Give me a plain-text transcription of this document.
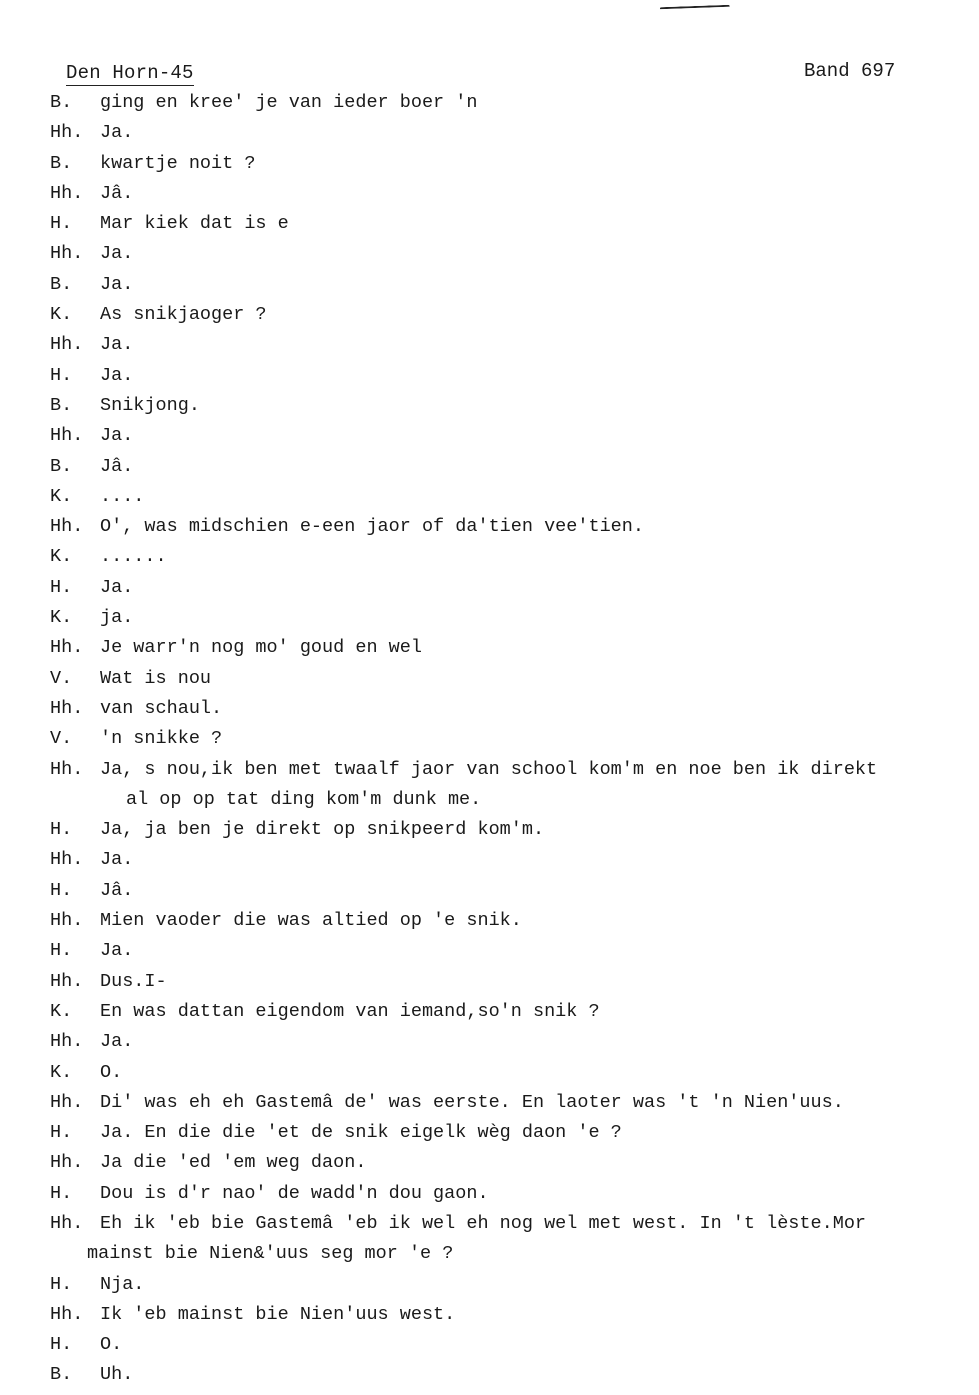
Den Horn-45	Band 697
B.	ging en kree' je van ieder boer 'n
Hh. Ja.
B.	kwartje noit ?
Hh. Jâ.
H.	Mar kiek dat is e
Hh. Ja.
B.	Ja.
K.	As snikjaoger ?
Hh. Ja.
H.	Ja.
B.	Snikjong.
Hh. Ja.
B.	Jâ.
K.	....
Hh. O', was midschien e-een jaor of da'tien vee'tien.
K.	......
H.	Ja.
K.	ja.
Hh. Je warr'n nog mo' goud en wel
V.	Wat is nou
Hh. van schaul.
V.	'n snikke ?
Hh. Ja, s nou,ik ben met twaalf jaor van school kom'm en noe ben ik direkt
al op op tat ding kom'm dunk me.
H.	Ja, ja ben je direkt op snikpeerd kom'm.
Hh. Ja.
H.	Jâ.
Hh. Mien vaoder die was altied op 'e snik.
H.	Ja.
Hh. Dus.I-
K.	En was dattan eigendom van iemand,so'n snik ?
Hh. Ja.
K.	O.
Hh. Di' was eh eh Gastemâ de' was eerste. En laoter was 't 'n Nien'uus.
H.	Ja. En die die 'et de snik eigelk wèg daon 'e ?
Hh. Ja die 'ed 'em weg daon.
H.	Dou is d'r nao' de wadd'n dou gaon.
Hh. Eh ik 'eb bie Gastemâ 'eb ik wel eh nog wel met west. In 't lèste.Mor
mainst bie Nien&'uus seg mor 'e ?
H.	Nja.
Hh. Ik 'eb mainst bie Nien'uus west.
H.	O.
B.	Uh.
